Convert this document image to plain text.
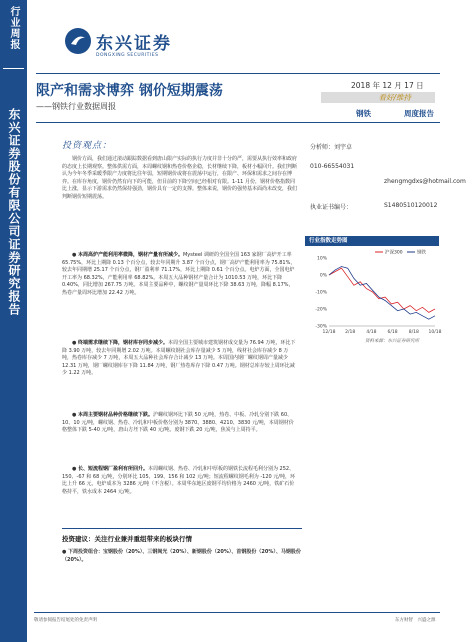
行业周报
东兴证券股份有限公司证券研究报告
东兴证券
DONGXING SECURITIES
限产和需求博弈 钢价短期震荡
——钢铁行业数据周报
2018 年 12 月 17 日
看好/维持
钢铁	周度报告
投资观点：

钢价方面，我们通过滚动跟踪数据看到唐山限产实际的执行力度并非十分的严，需要从执行效率和政府的态度上长期观察。整体供需方面，本周螺纹钢和热卷价格企稳，长材继续下降，板材小幅回升。我们判断认为今年冬季采暖季限产力度将比往年弱，短期钢价或将在震荡中运行，在限产、环保和需求之间存在博弈。在库存角度，钢价仍然有向下的可能，但目前的下降空间已经相对有限。1-11 月份，钢材价格指数同比上涨，显示下游需求仍然保持强劲，钢价具有一定的支撑。整体来说，钢价的强势基本面尚未改变，我们判断钢价短期震荡。

● 本周高炉产能利用率微降，钢材产量有所减少。Mysteel 调研的全国全国 163 家钢厂高炉开工率 65.75%，环比上期降 0.13 个百分点，较去年同期升 3.87 个百分点，钢厂高炉产能利用率为 75.81%，较去年同期增 25.17 个百分点，钢厂盈利率 71.17%，环比上期降 0.61 个百分点。电炉方面，全国电炉开工率为 68.32%，产能利用率 68.82%。本周五大品种钢材产量合计为 1010.53 万吨，环比下降 0.40%，同比增加 267.75 万吨。本周主要品种中，螺纹钢产量周环比下降 38.63 万吨，降幅 8.17%，热卷产量周环比增加 22.42 万吨。

● 终端需求继续下降，钢材库存同步减少。本周全国主要城市建筑钢材成交量为 76.94 万吨，环比下降 3.90 万吨，较去年同期增 2.02 万吨。本周螺纹钢社会库存量减少 5 万吨，线材社会库存减少 8 万吨，热卷库存减少 7 万吨，本周五大品种社会库存合计减少 13 万吨。本周国内钢厂螺纹钢周产量减少 12.31 万吨，钢厂螺纹钢库存下降 11.84 万吨，钢厂热卷库存下降 0.47 万吨。钢材总库存较上周环比减少 1.22 万吨。

● 本周主要钢材品种价格继续下跌。沪螺纹钢环比下跌 50 元/吨，热卷、中板、冷轧分别下跌 60、10、10 元/吨，螺纹钢、热卷、冷轧和中板价格分别为 3870、3880、4210、3830 元/吨，本周钢材价格整体下跌 5-40 元/吨，唐山方坯下跌 40 元/吨。废钢下跌 20 元/吨，焦炭与上周持平。

● 长、短流程钢厂盈利有所回升。本周螺纹钢、热卷、冷轧和中厚板的钢铁长流程毛利分别为 252、150、-67 和 68 元/吨，分别环比 105、199、156 和 102 元/吨；短流程螺纹钢毛利为 -120 元/吨，环比上升 66 元，电炉成本为 3286 元/吨（不含税）。本周华东地区废钢平均价格为 2460 元/吨，铁矿石价格持平，铁水成本 2464 元/吨。

投资建议：关注行业兼并重组带来的板块行情
● 下周投资组合：宝钢股份（20%）、三钢闽光（20%）、新钢股份（20%）、首钢股份（20%）、马钢股份（20%）。
分析师：刘宇卓
010-66554031
zhengmgdxs@hotmail.com
执业证书编号：	S1480510120012
行业指数走势图
10%
0%
-10%
-20%
-30%
12/18 2/18 4/18 6/18 8/18 10/18
沪深300	钢铁
资料来源：东兴证券研究所
敬请参阅报告结尾处的免责声明	东方财智　兴盛之源
